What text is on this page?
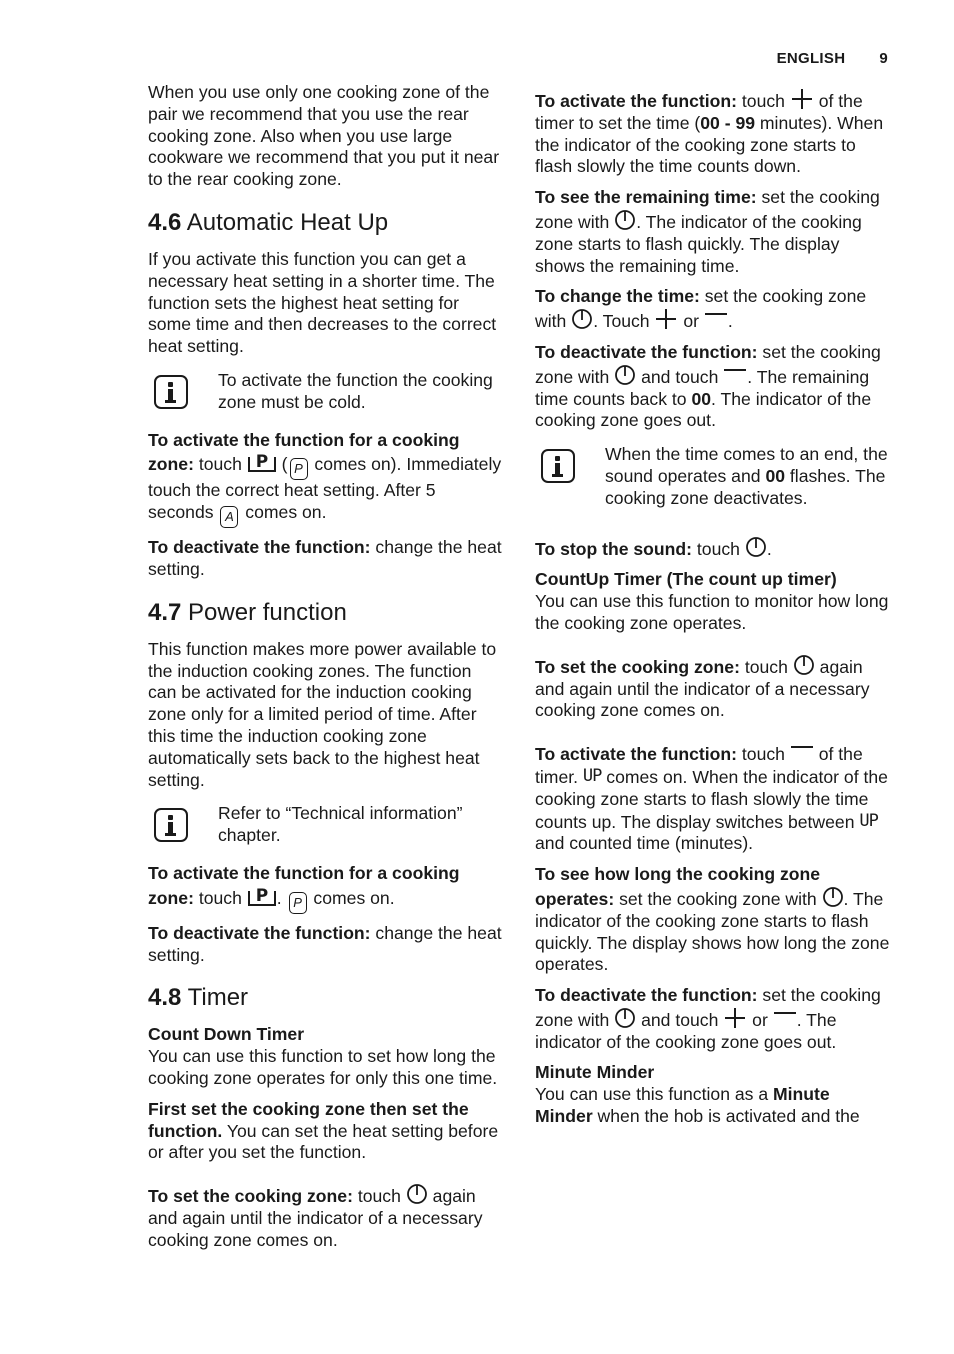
ENGLISH 9

When you use only one cooking zone of the pair we recommend that you use the rear cooking zone. Also when you use large cookware we recommend that you put it near to the rear cooking zone.

4.6 Automatic Heat Up

If you activate this function you can get a necessary heat setting in a shorter time. The function sets the highest heat setting for some time and then decreases to the correct heat setting.

To activate the function the cooking zone must be cold.

To activate the function for a cooking zone: touch P ( P comes on). Immediately touch the correct heat setting. After 5 seconds A comes on.

To deactivate the function: change the heat setting.

4.7 Power function

This function makes more power available to the induction cooking zones. The function can be activated for the induction cooking zone only for a limited period of time. After this time the induction cooking zone automatically sets back to the highest heat setting.

Refer to “Technical information” chapter.

To activate the function for a cooking zone: touch P . P comes on.

To deactivate the function: change the heat setting.

4.8 Timer

Count Down Timer
You can use this function to set how long the cooking zone operates for only this one time.

First set the cooking zone then set the function. You can set the heat setting before or after you set the function.

To set the cooking zone: touch  again and again until the indicator of a necessary cooking zone comes on.

To activate the function: touch  of the timer to set the time (00 - 99 minutes). When the indicator of the cooking zone starts to flash slowly the time counts down.

To see the remaining time: set the cooking zone with . The indicator of the cooking zone starts to flash quickly. The display shows the remaining time.

To change the time: set the cooking zone with . Touch  or .

To deactivate the function: set the cooking zone with  and touch . The remaining time counts back to 00. The indicator of the cooking zone goes out.

When the time comes to an end, the sound operates and 00 flashes. The cooking zone deactivates.

To stop the sound: touch .

CountUp Timer (The count up timer)
You can use this function to monitor how long the cooking zone operates.

To set the cooking zone: touch  again and again until the indicator of a necessary cooking zone comes on.

To activate the function: touch  of the timer. UP comes on. When the indicator of the cooking zone starts to flash slowly the time counts up. The display switches between UP and counted time (minutes).

To see how long the cooking zone operates: set the cooking zone with . The indicator of the cooking zone starts to flash quickly. The display shows how long the zone operates.

To deactivate the function: set the cooking zone with  and touch  or . The indicator of the cooking zone goes out.

Minute Minder
You can use this function as a Minute Minder when the hob is activated and the
